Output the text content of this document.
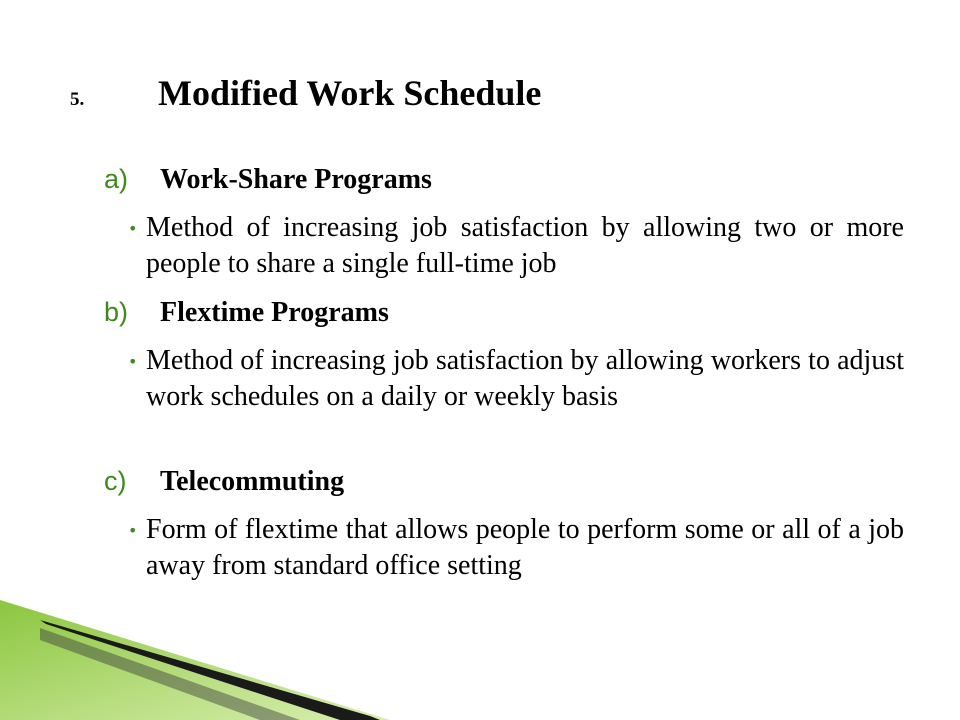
5.	Modified Work Schedule
a)	Work-Share Programs
• Method of increasing job satisfaction by allowing two or more people to share a single full-time job
b)	Flextime Programs
• Method of increasing job satisfaction by allowing workers to adjust work schedules on a daily or weekly basis
c)	Telecommuting
• Form of flextime that allows people to perform some or all of a job away from standard office setting
